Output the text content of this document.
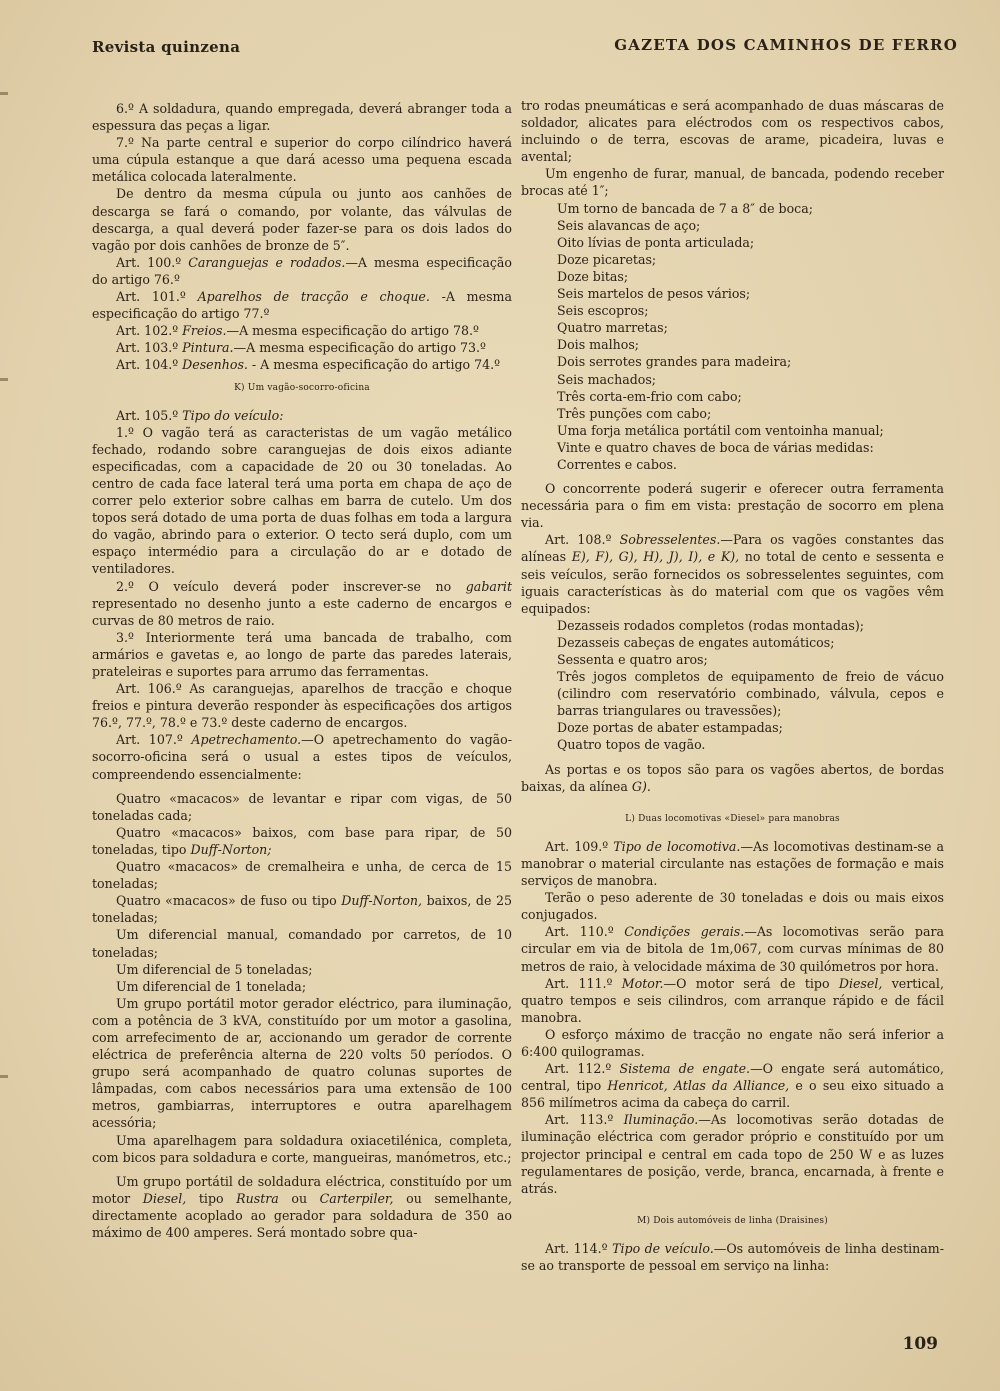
Revista quinzena	GAZETA DOS CAMINHOS DE FERRO

6.º A soldadura, quando empregada, deverá abranger toda a espessura das peças a ligar.

7.º Na parte central e superior do corpo cilíndrico haverá uma cúpula estanque a que dará acesso uma pequena escada metálica colocada lateralmente.

De dentro da mesma cúpula ou junto aos canhões de descarga se fará o comando, por volante, das válvulas de descarga, a qual deverá poder fazer-se para os dois lados do vagão por dois canhões de bronze de 5″.

Art. 100.º Caranguejas e rodados.—A mesma especificação do artigo 76.º

Art. 101.º Aparelhos de tracção e choque. -A mesma especificação do artigo 77.º

Art. 102.º Freios.—A mesma especificação do artigo 78.º

Art. 103.º Pintura.—A mesma especificação do artigo 73.º

Art. 104.º Desenhos. - A mesma especificação do artigo 74.º

K) Um vagão-socorro-oficina

Art. 105.º Tipo do veículo:

1.º O vagão terá as caracteristas de um vagão metálico fechado, rodando sobre caranguejas de dois eixos adiante especificadas, com a capacidade de 20 ou 30 toneladas. Ao centro de cada face lateral terá uma porta em chapa de aço de correr pelo exterior sobre calhas em barra de cutelo. Um dos topos será dotado de uma porta de duas folhas em toda a largura do vagão, abrindo para o exterior. O tecto será duplo, com um espaço intermédio para a circulação do ar e dotado de ventiladores.

2.º O veículo deverá poder inscrever-se no gabarit representado no desenho junto a este caderno de encargos e curvas de 80 metros de raio.

3.º Interiormente terá uma bancada de trabalho, com armários e gavetas e, ao longo de parte das paredes laterais, prateleiras e suportes para arrumo das ferramentas.

Art. 106.º As caranguejas, aparelhos de tracção e choque freios e pintura deverão responder às especificações dos artigos 76.º, 77.º, 78.º e 73.º deste caderno de encargos.

Art. 107.º Apetrechamento.—O apetrechamento do vagão-socorro-oficina será o usual a estes tipos de veículos, compreendendo essencialmente:

Quatro «macacos» de levantar e ripar com vigas, de 50 toneladas cada;

Quatro «macacos» baixos, com base para ripar, de 50 toneladas, tipo Duff-Norton;

Quatro «macacos» de cremalheira e unha, de cerca de 15 toneladas;

Quatro «macacos» de fuso ou tipo Duff-Norton, baixos, de 25 toneladas;

Um diferencial manual, comandado por carretos, de 10 toneladas;

Um diferencial de 5 toneladas;

Um diferencial de 1 tonelada;

Um grupo portátil motor gerador eléctrico, para iluminação, com a potência de 3 kVA, constituído por um motor a gasolina, com arrefecimento de ar, accionando um gerador de corrente eléctrica de preferência alterna de 220 volts 50 períodos. O grupo será acompanhado de quatro colunas suportes de lâmpadas, com cabos necessários para uma extensão de 100 metros, gambiarras, interruptores e outra aparelhagem acessória;

Uma aparelhagem para soldadura oxiacetilénica, completa, com bicos para soldadura e corte, mangueiras, manómetros, etc.;

Um grupo portátil de soldadura eléctrica, constituído por um motor Diesel, tipo Rustra ou Carterpiler, ou semelhante, directamente acoplado ao gerador para soldadura de 350 ao máximo de 400 amperes. Será montado sobre qua-

tro rodas pneumáticas e será acompanhado de duas máscaras de soldador, alicates para eléctrodos com os respectivos cabos, incluindo o de terra, escovas de arame, picadeira, luvas e avental;

Um engenho de furar, manual, de bancada, podendo receber brocas até 1″;

Um torno de bancada de 7 a 8″ de boca;
Seis alavancas de aço;
Oito lívias de ponta articulada;
Doze picaretas;
Doze bitas;
Seis martelos de pesos vários;
Seis escopros;
Quatro marretas;
Dois malhos;
Dois serrotes grandes para madeira;
Seis machados;
Três corta-em-frio com cabo;
Três punções com cabo;
Uma forja metálica portátil com ventoinha manual;
Vinte e quatro chaves de boca de várias medidas:
Correntes e cabos.

O concorrente poderá sugerir e oferecer outra ferramenta necessária para o fim em vista: prestação de socorro em plena via.

Art. 108.º Sobresselentes.—Para os vagões constantes das alíneas E), F), G), H), J), I), e K), no total de cento e sessenta e seis veículos, serão fornecidos os sobresselentes seguintes, com iguais características às do material com que os vagões vêm equipados:

Dezasseis rodados completos (rodas montadas);
Dezasseis cabeças de engates automáticos;
Sessenta e quatro aros;
Três jogos completos de equipamento de freio de vácuo (cilindro com reservatório combinado, válvula, cepos e barras triangulares ou travessões);
Doze portas de abater estampadas;
Quatro topos de vagão.

As portas e os topos são para os vagões abertos, de bordas baixas, da alínea G).

L) Duas locomotivas «Diesel» para manobras

Art. 109.º Tipo de locomotiva.—As locomotivas destinam-se a manobrar o material circulante nas estações de formação e mais serviços de manobra.

Terão o peso aderente de 30 toneladas e dois ou mais eixos conjugados.

Art. 110.º Condições gerais.—As locomotivas serão para circular em via de bitola de 1m,067, com curvas mínimas de 80 metros de raio, à velocidade máxima de 30 quilómetros por hora.

Art. 111.º Motor.—O motor será de tipo Diesel, vertical, quatro tempos e seis cilindros, com arranque rápido e de fácil manobra.

O esforço máximo de tracção no engate não será inferior a 6:400 quilogramas.

Art. 112.º Sistema de engate.—O engate será automático, central, tipo Henricot, Atlas da Alliance, e o seu eixo situado a 856 milímetros acima da cabeça do carril.

Art. 113.º Iluminação.—As locomotivas serão dotadas de iluminação eléctrica com gerador próprio e constituído por um projector principal e central em cada topo de 250 W e as luzes regulamentares de posição, verde, branca, encarnada, à frente e atrás.

M) Dois automóveis de linha (Draisines)

Art. 114.º Tipo de veículo.—Os automóveis de linha destinam-se ao transporte de pessoal em serviço na linha:

109
